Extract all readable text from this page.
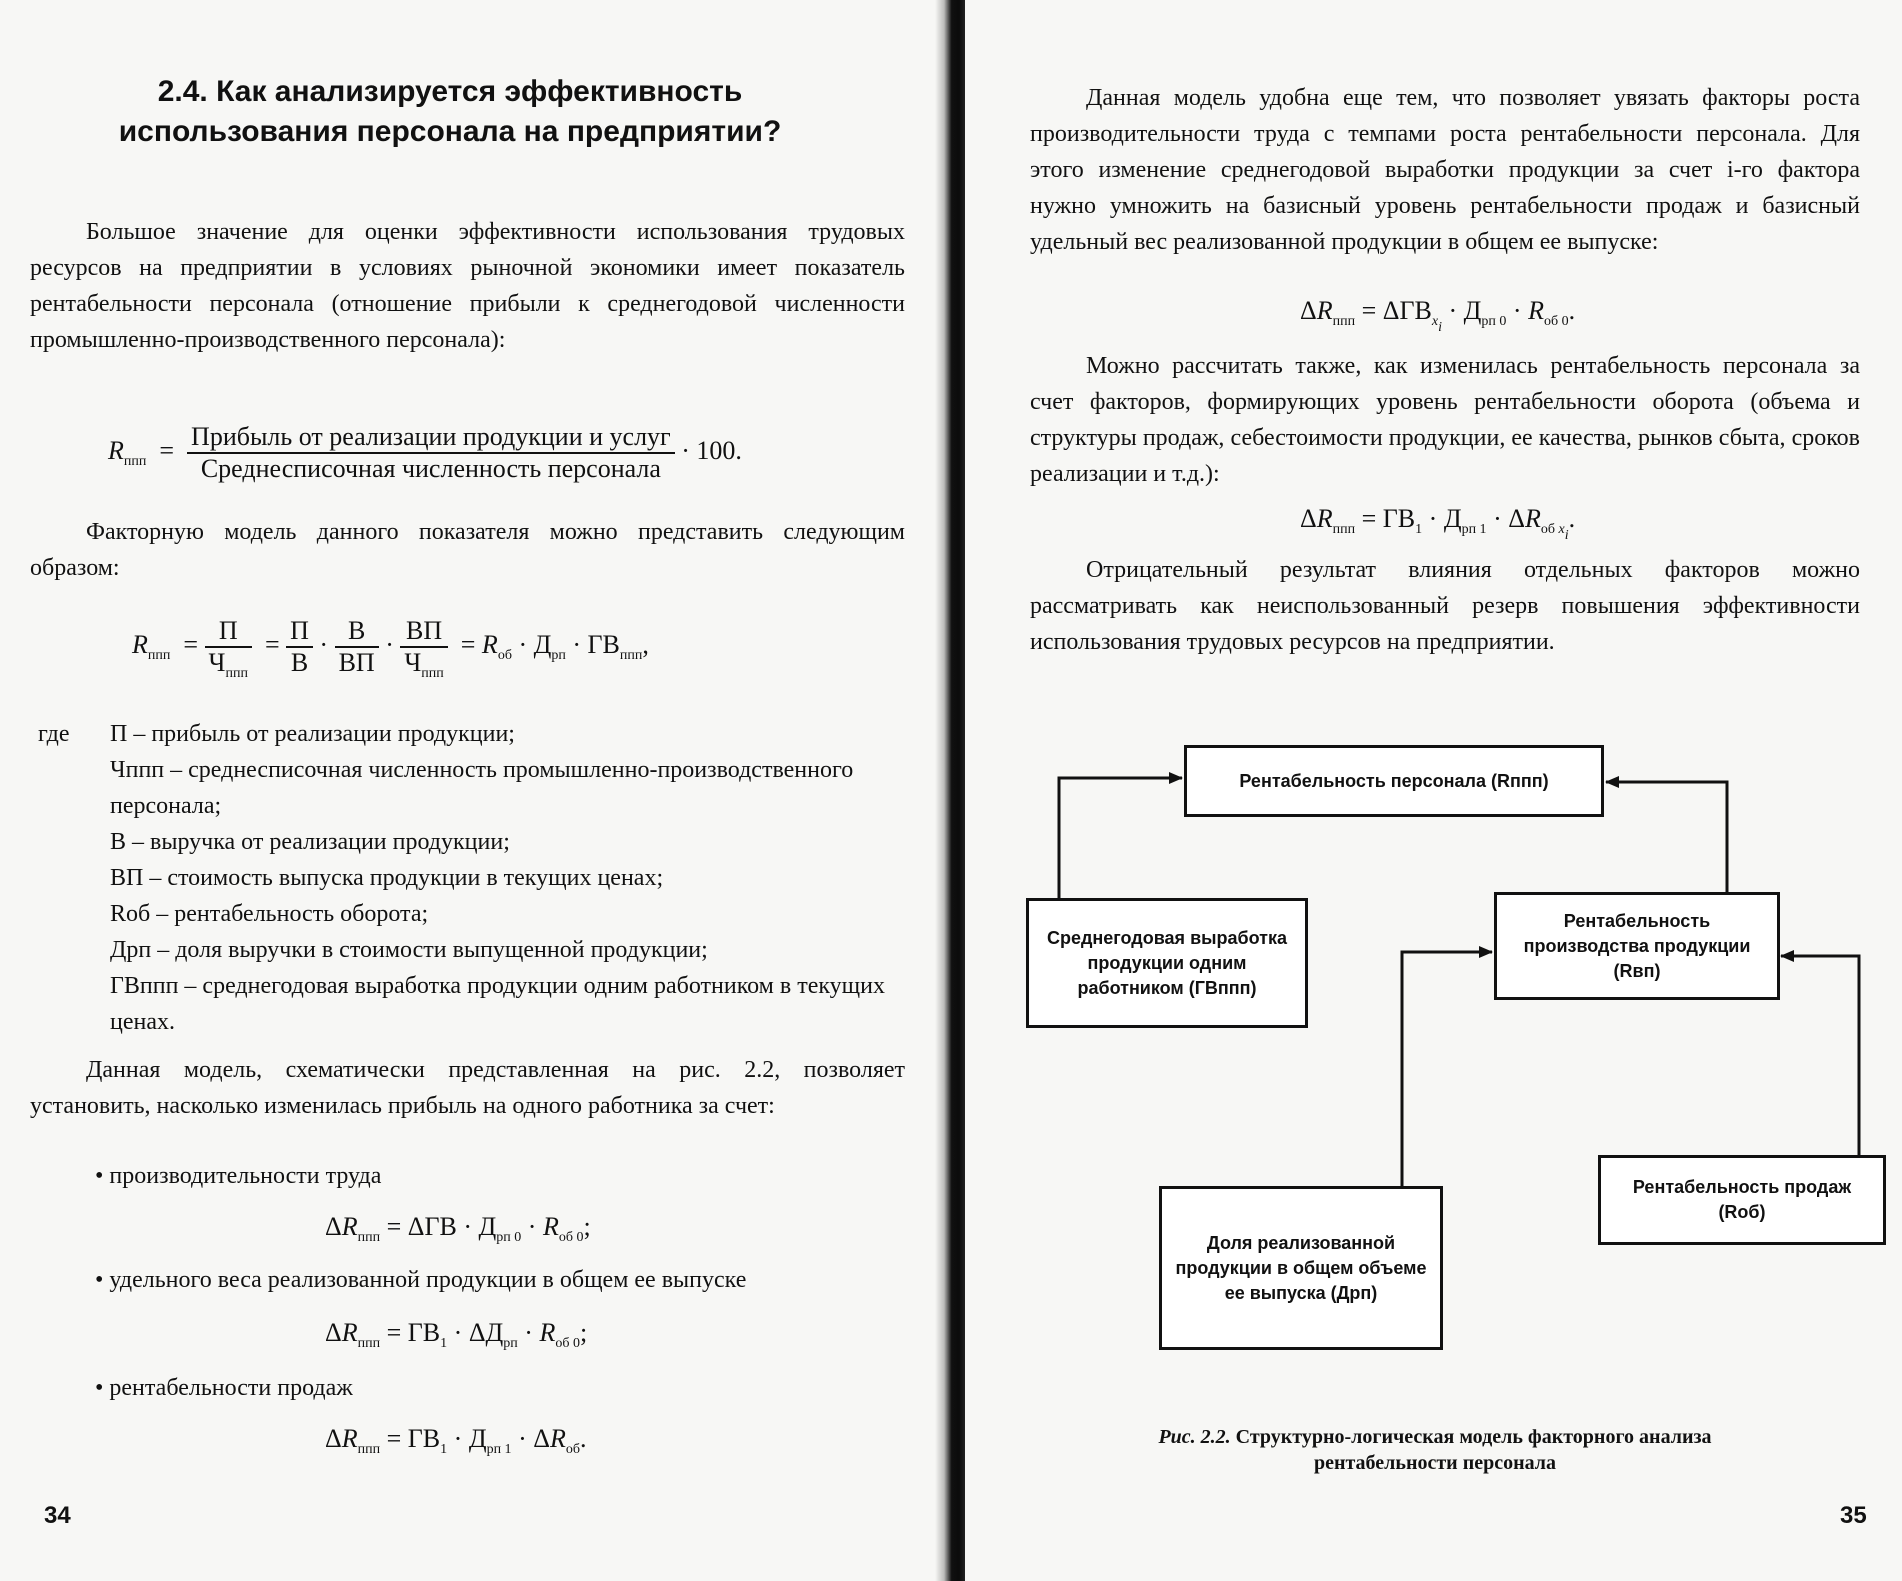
2.4. Как анализируется эффективность
использования персонала на предприятии?
Большое значение для оценки эффективности использования трудовых ресурсов на предприятии в условиях рыночной экономики имеет показатель рентабельности персонала (отношение прибыли к среднегодовой численности промышленно-производственного персонала):
$R_{ппп} = \frac{\text{Прибыль от реализации продукции и услуг}}{\text{Среднесписочная численность персонала}} \cdot 100$.
Факторную модель данного показателя можно представить следующим образом:
$R_{ппп} = \frac{П}{Ч_{ппп}} = \frac{П}{В} \cdot \frac{В}{ВП} \cdot \frac{ВП}{Ч_{ппп}} = R_{об} \cdot Д_{рп} \cdot ГВ_{ппп}$,
где П – прибыль от реализации продукции;
Чппп – среднесписочная численность промышленно-производственного персонала;
В – выручка от реализации продукции;
ВП – стоимость выпуска продукции в текущих ценах;
Rоб – рентабельность оборота;
Дрп – доля выручки в стоимости выпущенной продукции;
ГВппп – среднегодовая выработка продукции одним работником в текущих ценах.
Данная модель, схематически представленная на рис. 2.2, позволяет установить, насколько изменилась прибыль на одного работника за счет:
• производительности труда
$\Delta R_{ппп} = \Delta ГВ \cdot Д_{рп 0} \cdot R_{об 0}$;
• удельного веса реализованной продукции в общем ее выпуске
$\Delta R_{ппп} = ГВ_1 \cdot \Delta Д_{рп} \cdot R_{об 0}$;
• рентабельности продаж
$\Delta R_{ппп} = ГВ_1 \cdot Д_{рп 1} \cdot \Delta R_{об}$.
34
Данная модель удобна еще тем, что позволяет увязать факторы роста производительности труда с темпами роста рентабельности персонала. Для этого изменение среднегодовой выработки продукции за счет i-го фактора нужно умножить на базисный уровень рентабельности продаж и базисный удельный вес реализованной продукции в общем ее выпуске:
$\Delta R_{ппп} = \Delta ГВ_{x_i} \cdot Д_{рп 0} \cdot R_{об 0}$.
Можно рассчитать также, как изменилась рентабельность персонала за счет факторов, формирующих уровень рентабельности оборота (объема и структуры продаж, себестоимости продукции, ее качества, рынков сбыта, сроков реализации и т.д.):
$\Delta R_{ппп} = ГВ_1 \cdot Д_{рп 1} \cdot \Delta R_{об x_i}$.
Отрицательный результат влияния отдельных факторов можно рассматривать как неиспользованный резерв повышения эффективности использования трудовых ресурсов на предприятии.
Рентабельность персонала (Rппп)
Среднегодовая выработка продукции одним работником (ГВппп)
Рентабельность производства продукции (Rвп)
Доля реализованной продукции в общем объеме ее выпуска (Дрп)
Рентабельность продаж (Rоб)
Рис. 2.2. Структурно-логическая модель факторного анализа
рентабельности персонала
35
